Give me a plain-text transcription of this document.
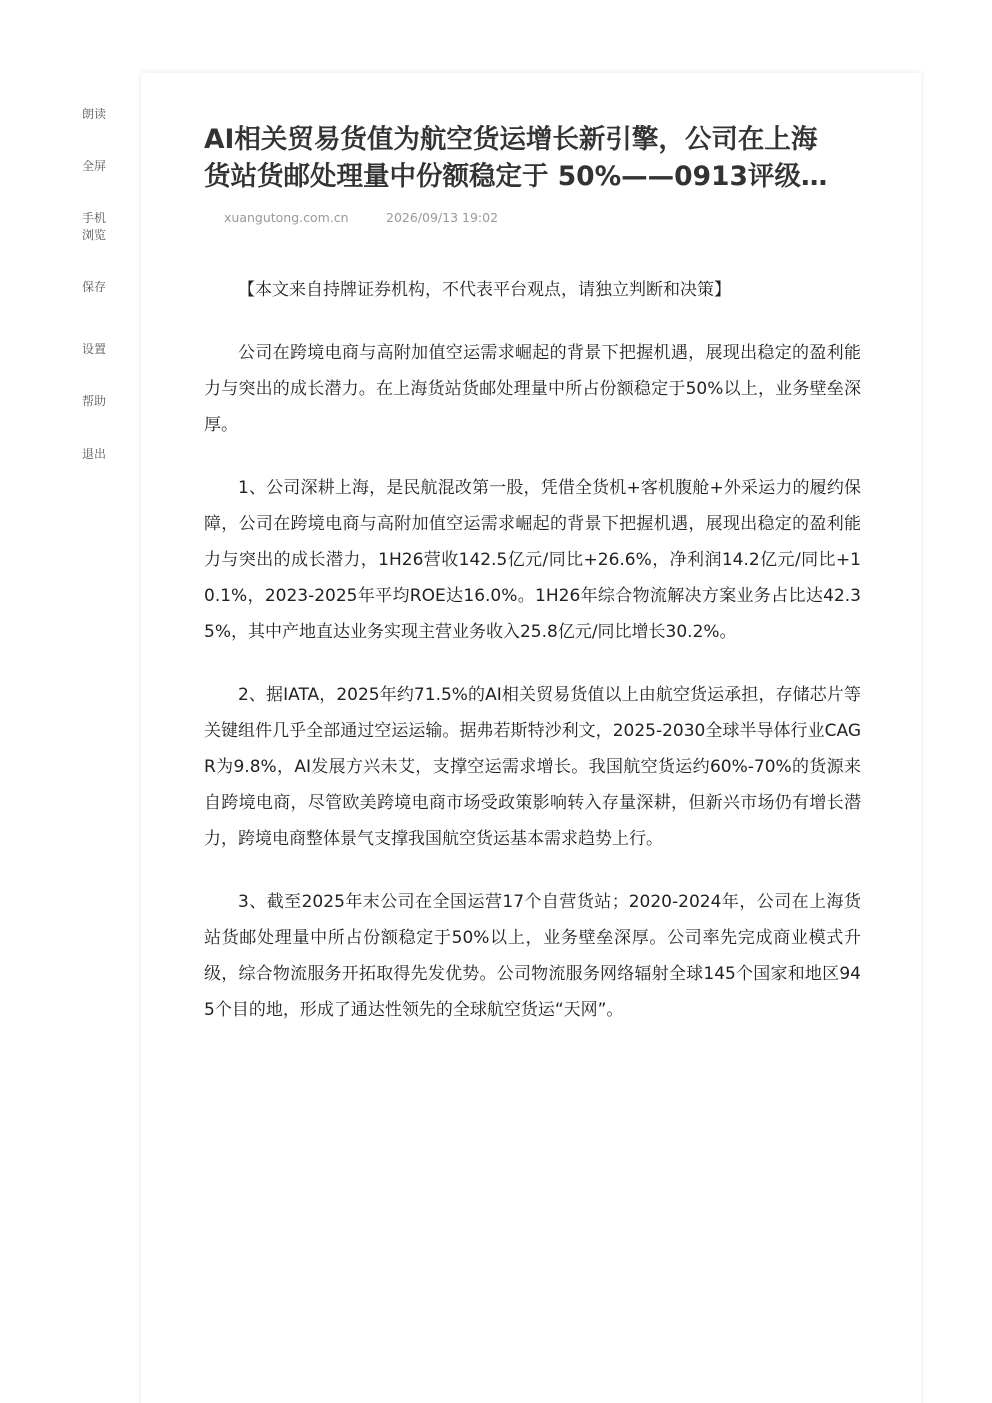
朗读
全屏
手机
浏览
保存
设置
帮助
退出
AI相关贸易货值为航空货运增长新引擎，公司在上海
货站货邮处理量中份额稳定于 50%——0913评级…
xuangutong.com.cn	2026/09/13 19:02

【本文来自持牌证券机构，不代表平台观点，请独立判断和决策】

公司在跨境电商与高附加值空运需求崛起的背景下把握机遇，展现出稳定的盈利能力与突出的成长潜力。在上海货站货邮处理量中所占份额稳定于50%以上，业务壁垒深厚。

1、公司深耕上海，是民航混改第一股，凭借全货机+客机腹舱+外采运力的履约保障，公司在跨境电商与高附加值空运需求崛起的背景下把握机遇，展现出稳定的盈利能力与突出的成长潜力，1H26营收142.5亿元/同比+26.6%，净利润14.2亿元/同比+10.1%，2023-2025年平均ROE达16.0%。1H26年综合物流解决方案业务占比达42.35%，其中产地直达业务实现主营业务收入25.8亿元/同比增长30.2%。

2、据IATA，2025年约71.5%的AI相关贸易货值以上由航空货运承担，存储芯片等关键组件几乎全部通过空运运输。据弗若斯特沙利文，2025-2030全球半导体行业CAGR为9.8%，AI发展方兴未艾，支撑空运需求增长。我国航空货运约60%-70%的货源来自跨境电商，尽管欧美跨境电商市场受政策影响转入存量深耕，但新兴市场仍有增长潜力，跨境电商整体景气支撑我国航空货运基本需求趋势上行。

3、截至2025年末公司在全国运营17个自营货站；2020-2024年，公司在上海货站货邮处理量中所占份额稳定于50%以上，业务壁垒深厚。公司率先完成商业模式升级，综合物流服务开拓取得先发优势。公司物流服务网络辐射全球145个国家和地区945个目的地，形成了通达性领先的全球航空货运“天网”。
